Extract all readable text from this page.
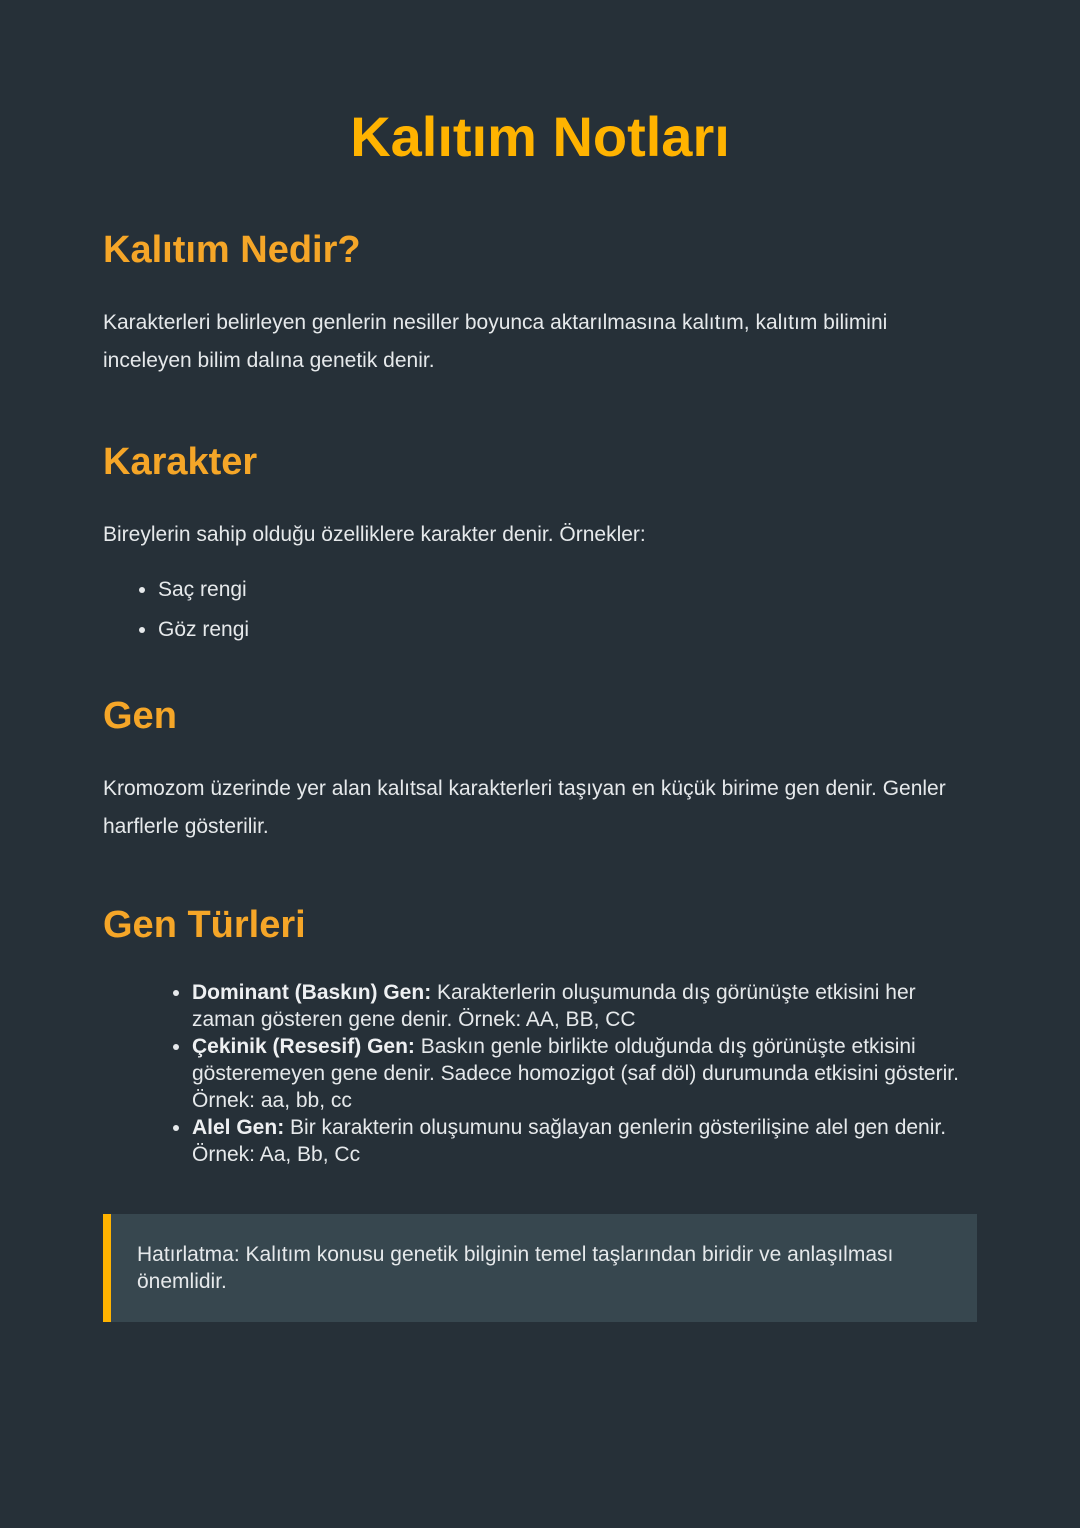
Kalıtım Notları
Kalıtım Nedir?

Karakterleri belirleyen genlerin nesiller boyunca aktarılmasına kalıtım, kalıtım bilimini inceleyen bilim dalına genetik denir.

Karakter

Bireylerin sahip olduğu özelliklere karakter denir. Örnekler:

• Saç rengi
• Göz rengi
Gen

Kromozom üzerinde yer alan kalıtsal karakterleri taşıyan en küçük birime gen denir. Genler harflerle gösterilir.

Gen Türleri
• Dominant (Baskın) Gen: Karakterlerin oluşumunda dış görünüşte etkisini her zaman gösteren gene denir. Örnek: AA, BB, CC
• Çekinik (Resesif) Gen: Baskın genle birlikte olduğunda dış görünüşte etkisini gösteremeyen gene denir. Sadece homozigot (saf döl) durumunda etkisini gösterir. Örnek: aa, bb, cc
• Alel Gen: Bir karakterin oluşumunu sağlayan genlerin gösterilişine alel gen denir. Örnek: Aa, Bb, Cc
Hatırlatma: Kalıtım konusu genetik bilginin temel taşlarından biridir ve anlaşılması önemlidir.
